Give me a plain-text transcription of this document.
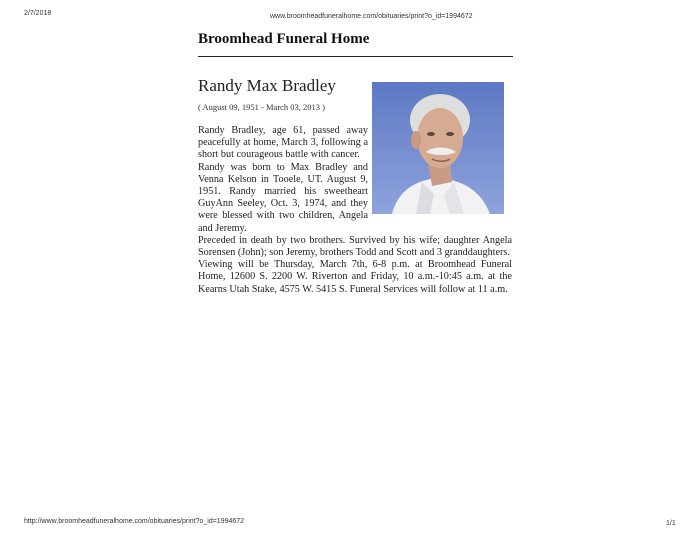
2/7/2018	www.broomheadfuneralhome.com/obituaries/print?o_id=1994672
Broomhead Funeral Home
Randy Max Bradley
( August 09, 1951 - March 03, 2013 )

Randy Bradley, age 61, passed away peacefully at home, March 3, following a short but courageous battle with cancer.

Randy was born to Max Bradley and Venna Kelson in Tooele, UT. August 9, 1951. Randy married his sweetheart GuyAnn Seeley, Oct. 3, 1974, and they were blessed with two children, Angela and Jeremy.

Preceded in death by two brothers. Survived by his wife; daughter Angela Sorensen (John); son Jeremy, brothers Todd and Scott and 3 granddaughters.

Viewing will be Thursday, March 7th, 6-8 p.m. at Broomhead Funeral Home, 12600 S. 2200 W. Riverton and Friday, 10 a.m.-10:45 a.m. at the Kearns Utah Stake, 4575 W. 5415 S. Funeral Services will follow at 11 a.m.

http://www.broomheadfuneralhome.com/obituaries/print?o_id=1994672	1/1
